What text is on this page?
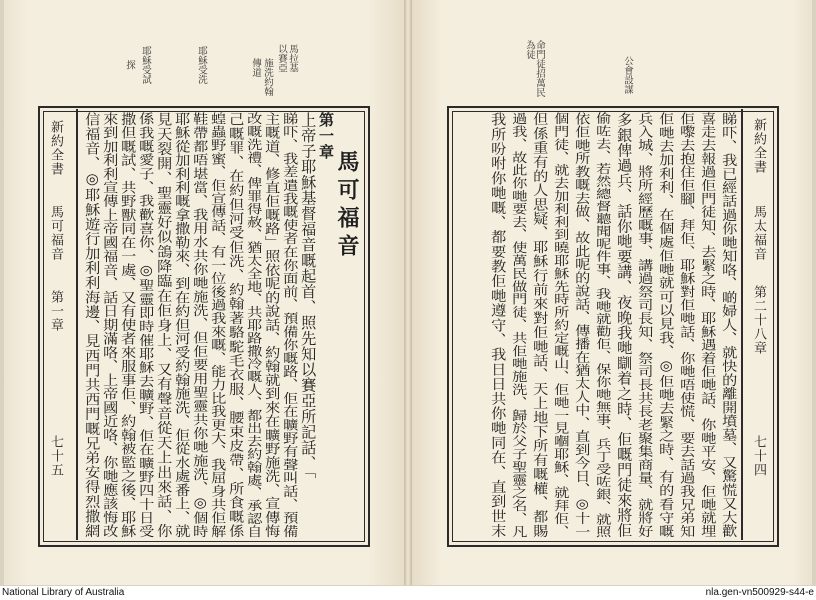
新約全書
馬可福音
第一章
七十五
馬拉基
以賽亞
施洗約翰
傳道
耶穌受洗
耶穌受試
探
馬可福音
第一章
上帝子耶穌基督福音嘅起首、照先知以賽亞所記話、「
睇吓、我差遣我嘅使者在你面前、預備你嘅路、佢在曠野有聲叫話、預備
主嘅道、修直佢嘅路」照依呢的說話、約翰就到來在曠野施洗、宣傳悔
改嘅洗禮、俾罪得赦、猶太全地、共耶路撒冷嘅人、都出去約翰處、承認自
己嘅罪、在約但河受佢洗、約翰著駱駝毛衣服、腰束皮帶、所食嘅係
蝗蟲野蜜、佢宣傳話、有一位後過我來嘅、能力比我更大、我屈身共佢解
鞋帶都唔堪當、我用水共你哋施洗、但佢要用聖靈共你哋施洗、◎個時
耶穌從加利利嘅拿撒勒來、到在約但河受約翰施洗、佢從水處番上、就
見天裂開、聖靈好似鴿降臨在佢身上、又有聲音從天上出來話、你
係我嘅愛子、我歡喜你、◎聖靈即時催耶穌去曠野、佢在曠野四十日受
撒但嘅試、共野獸同在一處、又有使者來服事佢、約翰被監之後、耶穌
來到加利利宣傳上帝國福音、話日期滿咯、上帝國近咯、你哋應該悔改
信福音、◎耶穌遊行加利利海邊、見西門共西門嘅兄弟安得烈撒網	新約全書
馬太福音
第二十八章
七十四
公會設謀
命門徒招萬民為徒
睇吓、我已經話過你哋知咯、啲婦人、就快的離開墳墓、又驚慌又大歡
喜走去報過佢門徒知、去緊之時、耶穌遇着佢哋話、你哋平安、佢哋就埋
佢嚟去抱住佢腳、拜佢、耶穌對佢哋話、你哋唔使慌、要去話過我兄弟知
佢哋去加利利、在個處佢哋就可以見我、◎佢哋去緊之時、有的看守嘅
兵入城、將所經歷嘅事、講過祭司長知、祭司長共長老聚集商量、就將好
多銀俾過兵、話你哋要講、夜晚我哋瞓着之時、佢嘅門徒來將佢
偷咗去、若然總督聽聞呢件事、我哋就勸佢、保你哋無事、兵丁受咗銀、就照
依佢哋所教嘅去做、故此呢的說話、傳播在猶太人中、直到今日、◎十一
個門徒、就去加利利到曉耶穌先時所約定嘅山、佢哋一見嗰耶穌、就拜佢、
但係重有的人思疑、耶穌行前來對佢哋話、天上地下所有嘅權、都賜
過我、故此你哋要去、使萬民做門徒、共佢哋施洗、歸於父子聖靈之名、凡
我所吩咐你哋嘅、都要教佢哋遵守、我日日共你哋同在、直到世末
National Library of Australia	nla.gen-vn500929-s44-e
